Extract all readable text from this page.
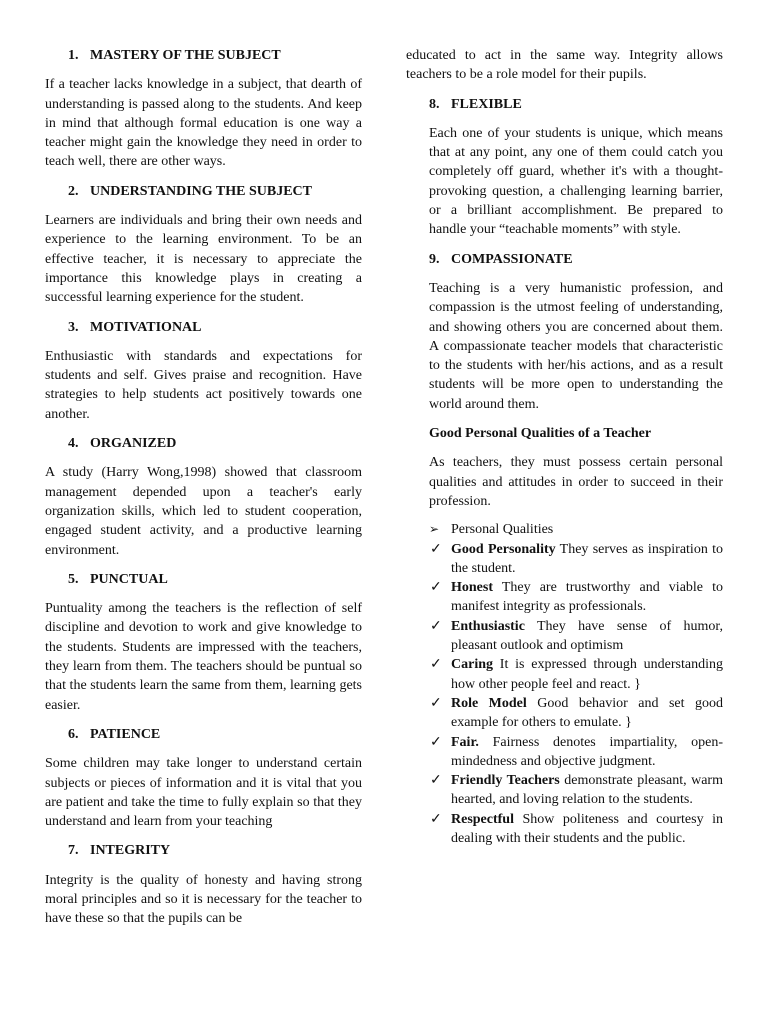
1. MASTERY OF THE SUBJECT

If a teacher lacks knowledge in a subject, that dearth of understanding is passed along to the students. And keep in mind that although formal education is one way a teacher might gain the knowledge they need in order to teach well, there are other ways.

2. UNDERSTANDING THE SUBJECT

Learners are individuals and bring their own needs and experience to the learning environment. To be an effective teacher, it is necessary to appreciate the importance this knowledge plays in creating a successful learning experience for the student.

3. MOTIVATIONAL

Enthusiastic with standards and expectations for students and self. Gives praise and recognition. Have strategies to help students act positively towards one another.

4. ORGANIZED

A study (Harry Wong,1998) showed that classroom management depended upon a teacher's early organization skills, which led to student cooperation, engaged student activity, and a productive learning environment.

5. PUNCTUAL

Puntuality among the teachers is the reflection of self discipline and devotion to work and give knowledge to the students. Students are impressed with the teachers, they learn from them. The teachers should be puntual so that the students learn the same from them, learning gets easier.

6. PATIENCE

Some children may take longer to understand certain subjects or pieces of information and it is vital that you are patient and take the time to fully explain so that they understand and learn from your teaching

7. INTEGRITY

Integrity is the quality of honesty and having strong moral principles and so it is necessary for the teacher to have these so that the pupils can be

educated to act in the same way. Integrity allows teachers to be a role model for their pupils.

8. FLEXIBLE

Each one of your students is unique, which means that at any point, any one of them could catch you completely off guard, whether it's with a thought-provoking question, a challenging learning barrier, or a brilliant accomplishment. Be prepared to handle your “teachable moments” with style.

9. COMPASSIONATE

Teaching is a very humanistic profession, and compassion is the utmost feeling of understanding, and showing others you are concerned about them. A compassionate teacher models that characteristic to the students with her/his actions, and as a result students will be more open to understanding the world around them.

Good Personal Qualities of a Teacher

As teachers, they must possess certain personal qualities and attitudes in order to succeed in their profession.

➢ Personal Qualities
✓ Good Personality They serves as inspiration to the student.
✓ Honest They are trustworthy and viable to manifest integrity as professionals.
✓ Enthusiastic They have sense of humor, pleasant outlook and optimism
✓ Caring It is expressed through understanding how other people feel and react. }
✓ Role Model Good behavior and set good example for others to emulate. }
✓ Fair. Fairness denotes impartiality, open-mindedness and objective judgment.
✓ Friendly Teachers demonstrate pleasant, warm hearted, and loving relation to the students.
✓ Respectful Show politeness and courtesy in dealing with their students and the public.
